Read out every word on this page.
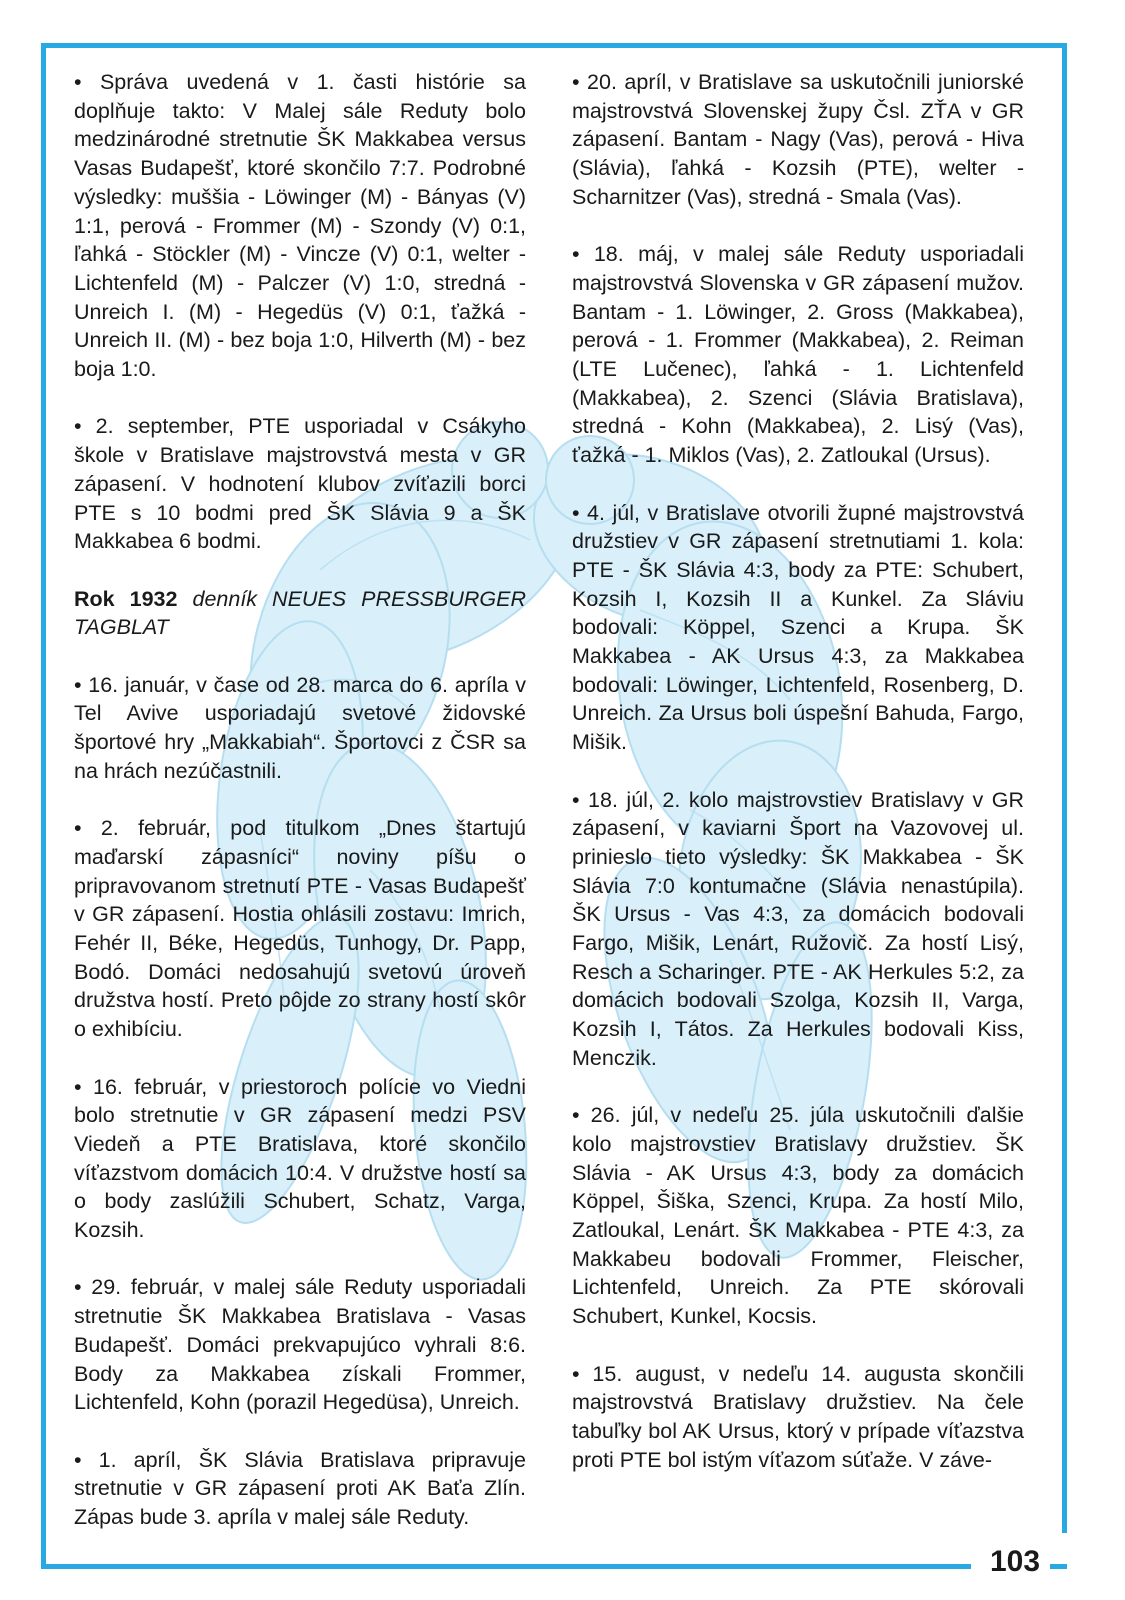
• Správa uvedená v 1. časti histórie sa doplňuje takto: V Malej sále Reduty bolo medzinárodné stretnutie ŠK Makkabea versus Vasas Budapešť, ktoré skončilo 7:7. Podrobné výsledky: muššia - Löwinger (M) - Bányas (V) 1:1, perová - Frommer (M) - Szondy (V) 0:1, ľahká - Stöckler (M) - Vincze (V) 0:1, welter - Lichtenfeld (M) - Palczer (V) 1:0, stredná - Unreich I. (M) - Hegedüs (V) 0:1, ťažká - Unreich II. (M) - bez boja 1:0, Hilverth (M) - bez boja 1:0.

• 2. september, PTE usporiadal v Csákyho škole v Bratislave majstrovstvá mesta v GR zápasení. V hodnotení klubov zvíťazili borci PTE s 10 bodmi pred ŠK Slávia 9 a ŠK Makkabea 6 bodmi.

Rok 1932 denník NEUES PRESSBURGER TAGBLAT

• 16. január, v čase od 28. marca do 6. apríla v Tel Avive usporiadajú svetové židovské športové hry „Makkabiah“. Športovci z ČSR sa na hrách nezúčastnili.

• 2. február, pod titulkom „Dnes štartujú maďarskí zápasníci“ noviny píšu o pripravovanom stretnutí PTE - Vasas Budapešť v GR zápasení. Hostia ohlásili zostavu: Imrich, Fehér II, Béke, Hegedüs, Tunhogy, Dr. Papp, Bodó. Domáci nedosahujú svetovú úroveň družstva hostí. Preto pôjde zo strany hostí skôr o exhibíciu.

• 16. február, v priestoroch polície vo Viedni bolo stretnutie v GR zápasení medzi PSV Viedeň a PTE Bratislava, ktoré skončilo víťazstvom domácich 10:4. V družstve hostí sa o body zaslúžili Schubert, Schatz, Varga, Kozsih.

• 29. február, v malej sále Reduty usporiadali stretnutie ŠK Makkabea Bratislava - Vasas Budapešť. Domáci prekvapujúco vyhrali 8:6. Body za Makkabea získali Frommer, Lichtenfeld, Kohn (porazil Hegedüsa), Unreich.

• 1. apríl, ŠK Slávia Bratislava pripravuje stretnutie v GR zápasení proti AK Baťa Zlín. Zápas bude 3. apríla v malej sále Reduty.

• 20. apríl, v Bratislave sa uskutočnili juniorské majstrovstvá Slovenskej župy Čsl. ZŤA v GR zápasení. Bantam - Nagy (Vas), perová - Hiva (Slávia), ľahká - Kozsih (PTE), welter - Scharnitzer (Vas), stredná - Smala (Vas).

• 18. máj, v malej sále Reduty usporiadali majstrovstvá Slovenska v GR zápasení mužov. Bantam - 1. Löwinger, 2. Gross (Makkabea), perová - 1. Frommer (Makkabea), 2. Reiman (LTE Lučenec), ľahká - 1. Lichtenfeld (Makkabea), 2. Szenci (Slávia Bratislava), stredná - Kohn (Makkabea), 2. Lisý (Vas), ťažká - 1. Miklos (Vas), 2. Zatloukal (Ursus).

• 4. júl, v Bratislave otvorili župné majstrovstvá družstiev v GR zápasení stretnutiami 1. kola: PTE - ŠK Slávia 4:3, body za PTE: Schubert, Kozsih I, Kozsih II a Kunkel. Za Sláviu bodovali: Köppel, Szenci a Krupa. ŠK Makkabea - AK Ursus 4:3, za Makkabea bodovali: Löwinger, Lichtenfeld, Rosenberg, D. Unreich. Za Ursus boli úspešní Bahuda, Fargo, Mišik.

• 18. júl, 2. kolo majstrovstiev Bratislavy v GR zápasení, v kaviarni Šport na Vazovovej ul. prinieslo tieto výsledky: ŠK Makkabea - ŠK Slávia 7:0 kontumačne (Slávia nenastúpila). ŠK Ursus - Vas 4:3, za domácich bodovali Fargo, Mišik, Lenárt, Ružovič. Za hostí Lisý, Resch a Scharinger. PTE - AK Herkules 5:2, za domácich bodovali Szolga, Kozsih II, Varga, Kozsih I, Tátos. Za Herkules bodovali Kiss, Menczik.

• 26. júl, v nedeľu 25. júla uskutočnili ďalšie kolo majstrovstiev Bratislavy družstiev. ŠK Slávia - AK Ursus 4:3, body za domácich Köppel, Šiška, Szenci, Krupa. Za hostí Milo, Zatloukal, Lenárt. ŠK Makkabea - PTE 4:3, za Makkabeu bodovali Frommer, Fleischer, Lichtenfeld, Unreich. Za PTE skórovali Schubert, Kunkel, Kocsis.

• 15. august, v nedeľu 14. augusta skončili majstrovstvá Bratislavy družstiev. Na čele tabuľky bol AK Ursus, ktorý v prípade víťazstva proti PTE bol istým víťazom súťaže. V záve-

103
